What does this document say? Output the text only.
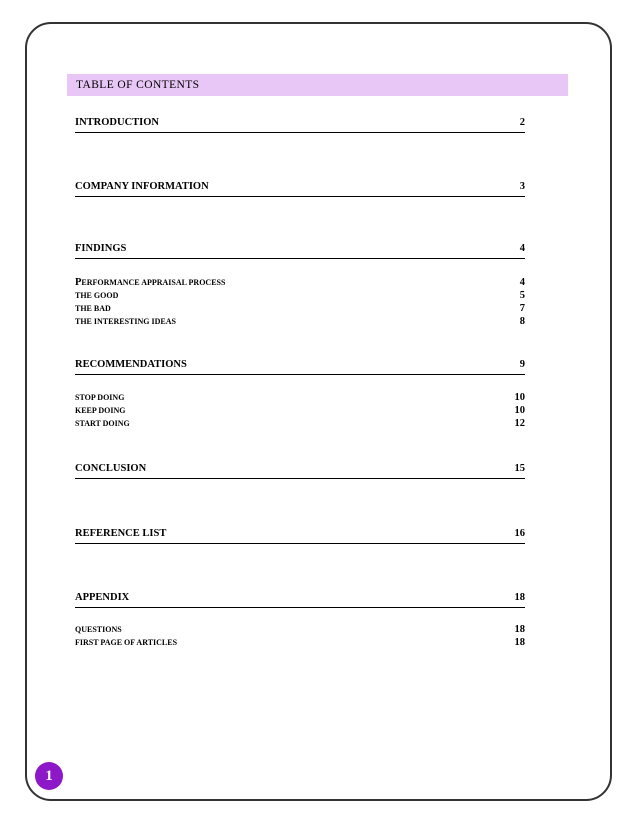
TABLE OF CONTENTS
INTRODUCTION	2
COMPANY INFORMATION	3
FINDINGS	4
PERFORMANCE APPRAISAL PROCESS	4
THE GOOD	5
THE BAD	7
THE INTERESTING IDEAS	8
RECOMMENDATIONS	9
STOP DOING	10
KEEP DOING	10
START DOING	12
CONCLUSION	15
REFERENCE LIST	16
APPENDIX	18
QUESTIONS	18
FIRST PAGE OF ARTICLES	18
1
